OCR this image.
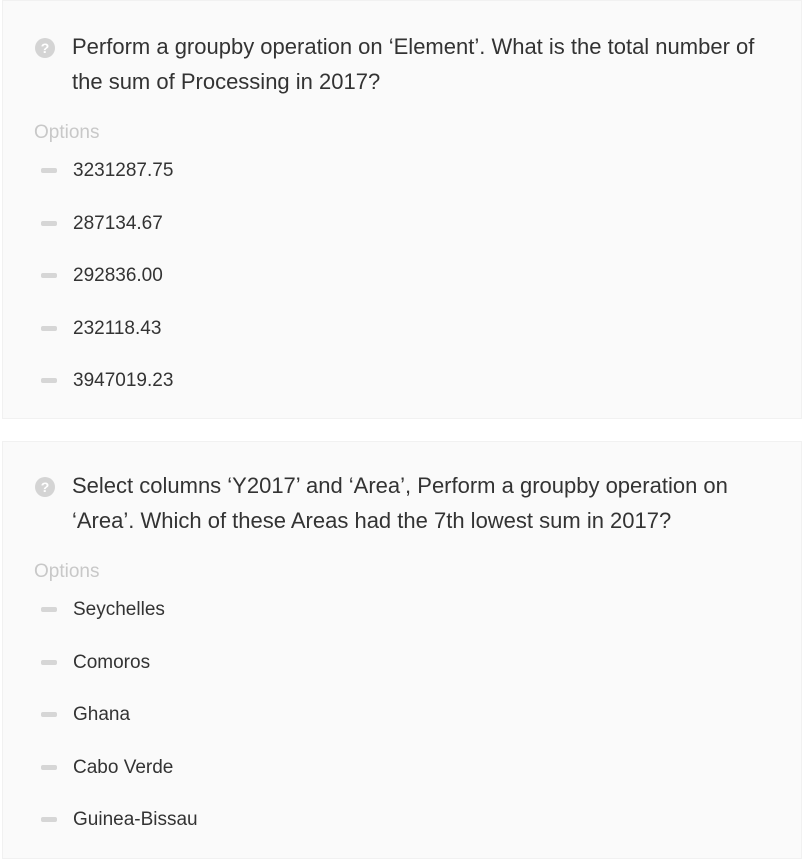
? Perform a groupby operation on ‘Element’. What is the total number of the sum of Processing in 2017?
Options
3231287.75
287134.67
292836.00
232118.43
3947019.23
? Select columns ‘Y2017’ and ‘Area’, Perform a groupby operation on ‘Area’. Which of these Areas had the 7th lowest sum in 2017?
Options
Seychelles
Comoros
Ghana
Cabo Verde
Guinea-Bissau
